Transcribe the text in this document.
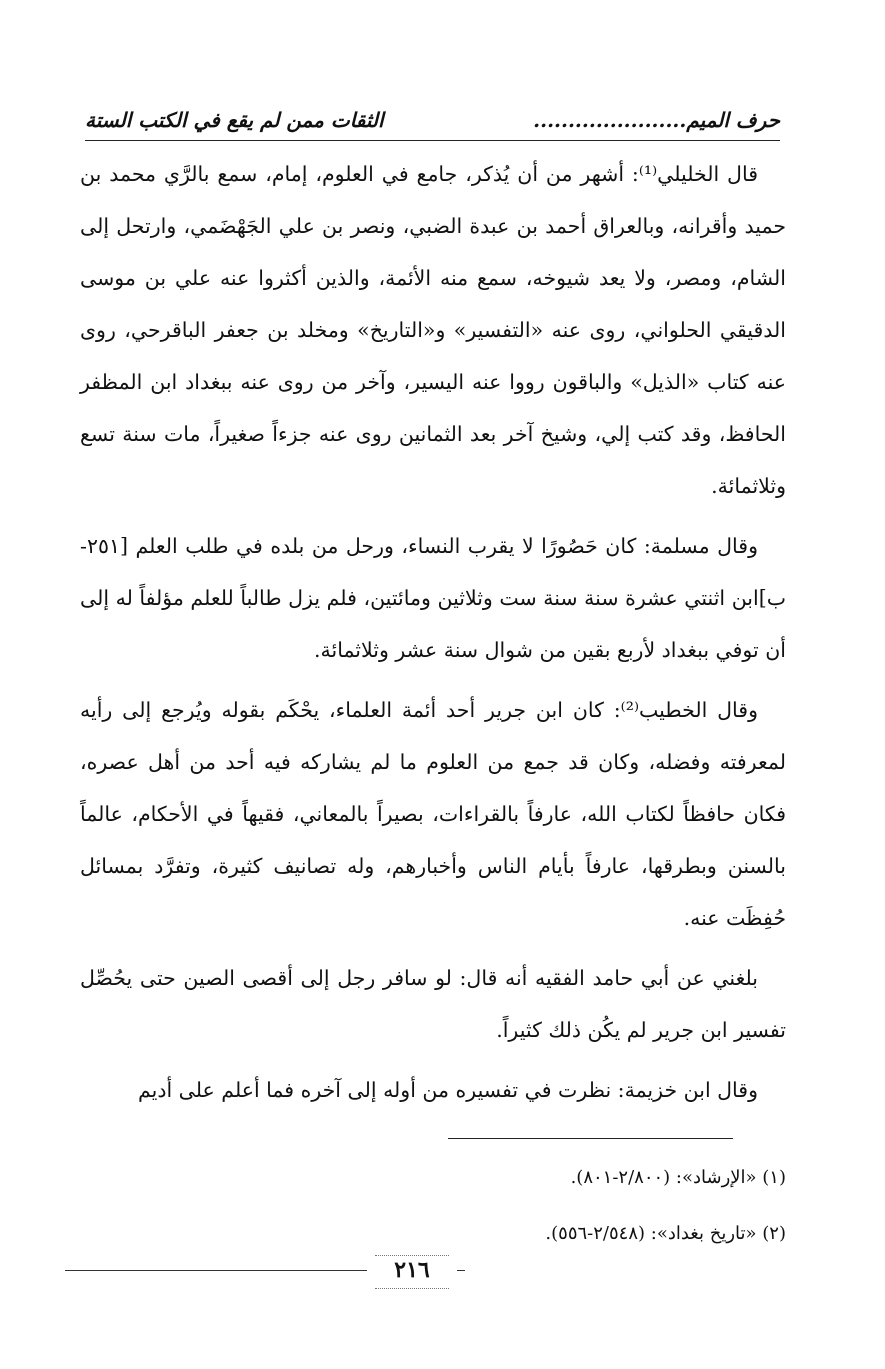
حرف الميم......................
الثقات ممن لم يقع في الكتب الستة

قال الخليلي⁽¹⁾: أشهر من أن يُذكر، جامع في العلوم، إمام، سمع بالرَّي محمد بن حميد وأقرانه، وبالعراق أحمد بن عبدة الضبي، ونصر بن علي الجَهْضَمي، وارتحل إلى الشام، ومصر، ولا يعد شيوخه، سمع منه الأئمة، والذين أكثروا عنه علي بن موسى الدقيقي الحلواني، روى عنه «التفسير» و«التاريخ» ومخلد بن جعفر الباقرحي، روى عنه كتاب «الذيل» والباقون رووا عنه اليسير، وآخر من روى عنه ببغداد ابن المظفر الحافظ، وقد كتب إلي، وشيخ آخر بعد الثمانين روى عنه جزءاً صغيراً، مات سنة تسع وثلاثمائة.

وقال مسلمة: كان حَصُورًا لا يقرب النساء، ورحل من بلده في طلب العلم [٢٥١-ب]ابن اثنتي عشرة سنة سنة ست وثلاثين ومائتين، فلم يزل طالباً للعلم مؤلفاً له إلى أن توفي ببغداد لأربع بقين من شوال سنة عشر وثلاثمائة.

وقال الخطيب⁽²⁾: كان ابن جرير أحد أئمة العلماء، يحْكَم بقوله ويُرجع إلى رأيه لمعرفته وفضله، وكان قد جمع من العلوم ما لم يشاركه فيه أحد من أهل عصره، فكان حافظاً لكتاب الله، عارفاً بالقراءات، بصيراً بالمعاني، فقيهاً في الأحكام، عالماً بالسنن وبطرقها، عارفاً بأيام الناس وأخبارهم، وله تصانيف كثيرة، وتفرَّد بمسائل حُفِظَت عنه.

بلغني عن أبي حامد الفقيه أنه قال: لو سافر رجل إلى أقصى الصين حتى يحُصِّل تفسير ابن جرير لم يكُن ذلك كثيراً.

وقال ابن خزيمة: نظرت في تفسيره من أوله إلى آخره فما أعلم على أديم

(١) «الإرشاد»: (٢/٨٠٠-٨٠١).

(٢) «تاريخ بغداد»: (٢/٥٤٨-٥٥٦).

٢١٦
